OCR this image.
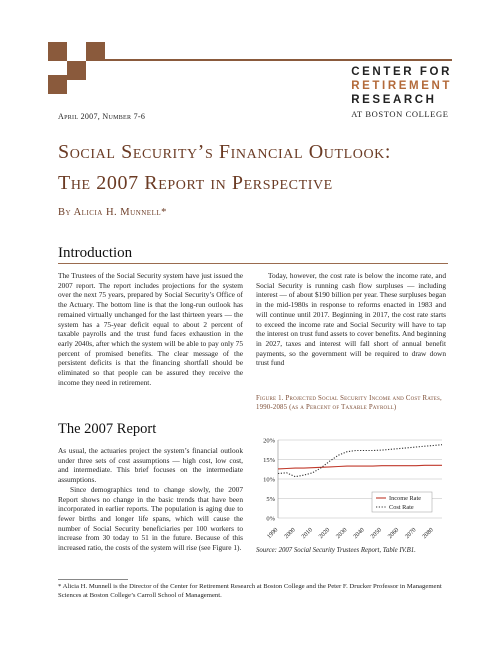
CENTER FOR
RETIREMENT
RESEARCH
AT BOSTON COLLEGE
April 2007, Number 7-6
Social Security’s Financial Outlook:
The 2007 Report in Perspective
By Alicia H. Munnell*
Introduction

The Trustees of the Social Security system have just issued the 2007 report. The report includes projections for the system over the next 75 years, prepared by Social Security’s Office of the Actuary. The bottom line is that the long-run outlook has remained virtually unchanged for the last thirteen years — the system has a 75-year deficit equal to about 2 percent of taxable payrolls and the trust fund faces exhaustion in the early 2040s, after which the system will be able to pay only 75 percent of promised benefits. The clear message of the persistent deficits is that the financing shortfall should be eliminated so that people can be assured they receive the income they need in retirement.

Today, however, the cost rate is below the income rate, and Social Security is running cash flow surpluses — including interest — of about $190 billion per year. These surpluses began in the mid-1980s in response to reforms enacted in 1983 and will continue until 2017. Beginning in 2017, the cost rate starts to exceed the income rate and Social Security will have to tap the interest on trust fund assets to cover benefits. And beginning in 2027, taxes and interest will fall short of annual benefit payments, so the government will be required to draw down trust fund

The 2007 Report

As usual, the actuaries project the system’s financial outlook under three sets of cost assumptions — high cost, low cost, and intermediate. This brief focuses on the intermediate assumptions.

Since demographics tend to change slowly, the 2007 Report shows no change in the basic trends that have been incorporated in earlier reports. The population is aging due to fewer births and longer life spans, which will cause the number of Social Security beneficiaries per 100 workers to increase from 30 today to 51 in the future. Because of this increased ratio, the costs of the system will rise (see Figure 1).

Figure 1. Projected Social Security Income and Cost Rates, 1990-2085 (as a Percent of Taxable Payroll)
0%
5%
10%
15%
20%
1990 2000 2010 2020 2030 2040 2050 2060 2070 2080
Income Rate
Cost Rate
Source: 2007 Social Security Trustees Report, Table IV.B1.
* Alicia H. Munnell is the Director of the Center for Retirement Research at Boston College and the Peter F. Drucker Professor in Management Sciences at Boston College’s Carroll School of Management.
